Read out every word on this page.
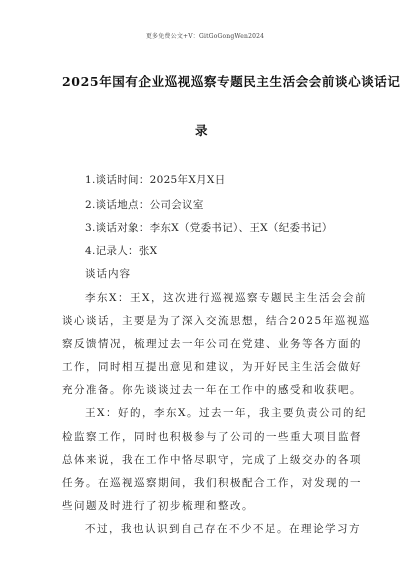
更多免费公文+V：GitGoGongWen2024
2025年国有企业巡视巡察专题民主生活会会前谈心谈话记
录
1.谈话时间：2025年X月X日
2.谈话地点：公司会议室
3.谈话对象：李东X（党委书记）、王X（纪委书记）
4.记录人：张X
谈话内容
李东X：王X，这次进行巡视巡察专题民主生活会会前
谈心谈话，主要是为了深入交流思想，结合2025年巡视巡
察反馈情况，梳理过去一年公司在党建、业务等各方面的
工作，同时相互提出意见和建议，为开好民主生活会做好
充分准备。你先谈谈过去一年在工作中的感受和收获吧。
王X：好的，李东X。过去一年，我主要负责公司的纪
检监察工作，同时也积极参与了公司的一些重大项目监督
总体来说，我在工作中恪尽职守，完成了上级交办的各项
任务。在巡视巡察期间，我们积极配合工作，对发现的一
些问题及时进行了初步梳理和整改。
不过，我也认识到自己存在不少不足。在理论学习方
